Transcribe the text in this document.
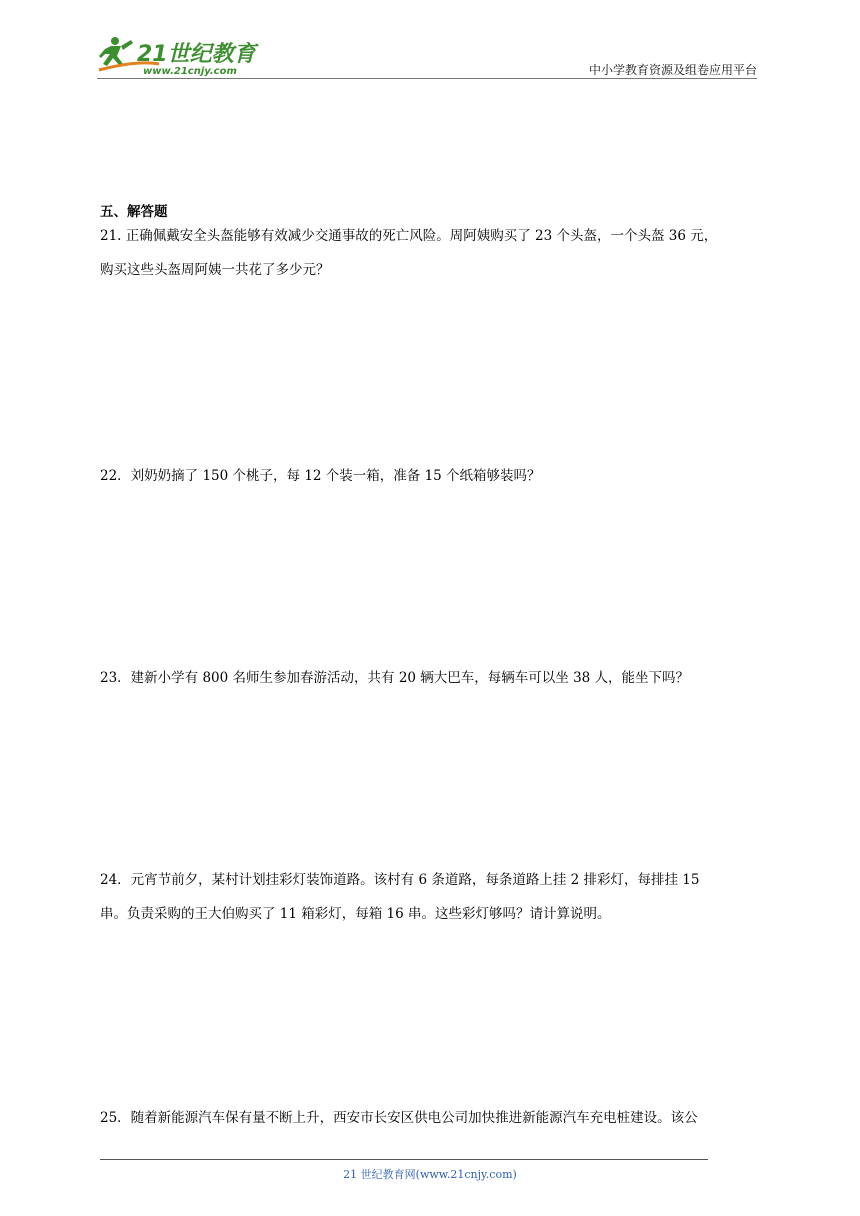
21世纪教育
www.21cnjy.com	中小学教育资源及组卷应用平台
五、解答题

21. 正确佩戴安全头盔能够有效减少交通事故的死亡风险。周阿姨购买了 23 个头盔，一个头盔 36 元，

购买这些头盔周阿姨一共花了多少元？

22．刘奶奶摘了 150 个桃子，每 12 个装一箱，准备 15 个纸箱够装吗？

23．建新小学有 800 名师生参加春游活动，共有 20 辆大巴车，每辆车可以坐 38 人，能坐下吗？

24．元宵节前夕，某村计划挂彩灯装饰道路。该村有 6 条道路，每条道路上挂 2 排彩灯，每排挂 15

串。负责采购的王大伯购买了 11 箱彩灯，每箱 16 串。这些彩灯够吗？请计算说明。

25．随着新能源汽车保有量不断上升，西安市长安区供电公司加快推进新能源汽车充电桩建设。该公

21 世纪教育网(www.21cnjy.com)
